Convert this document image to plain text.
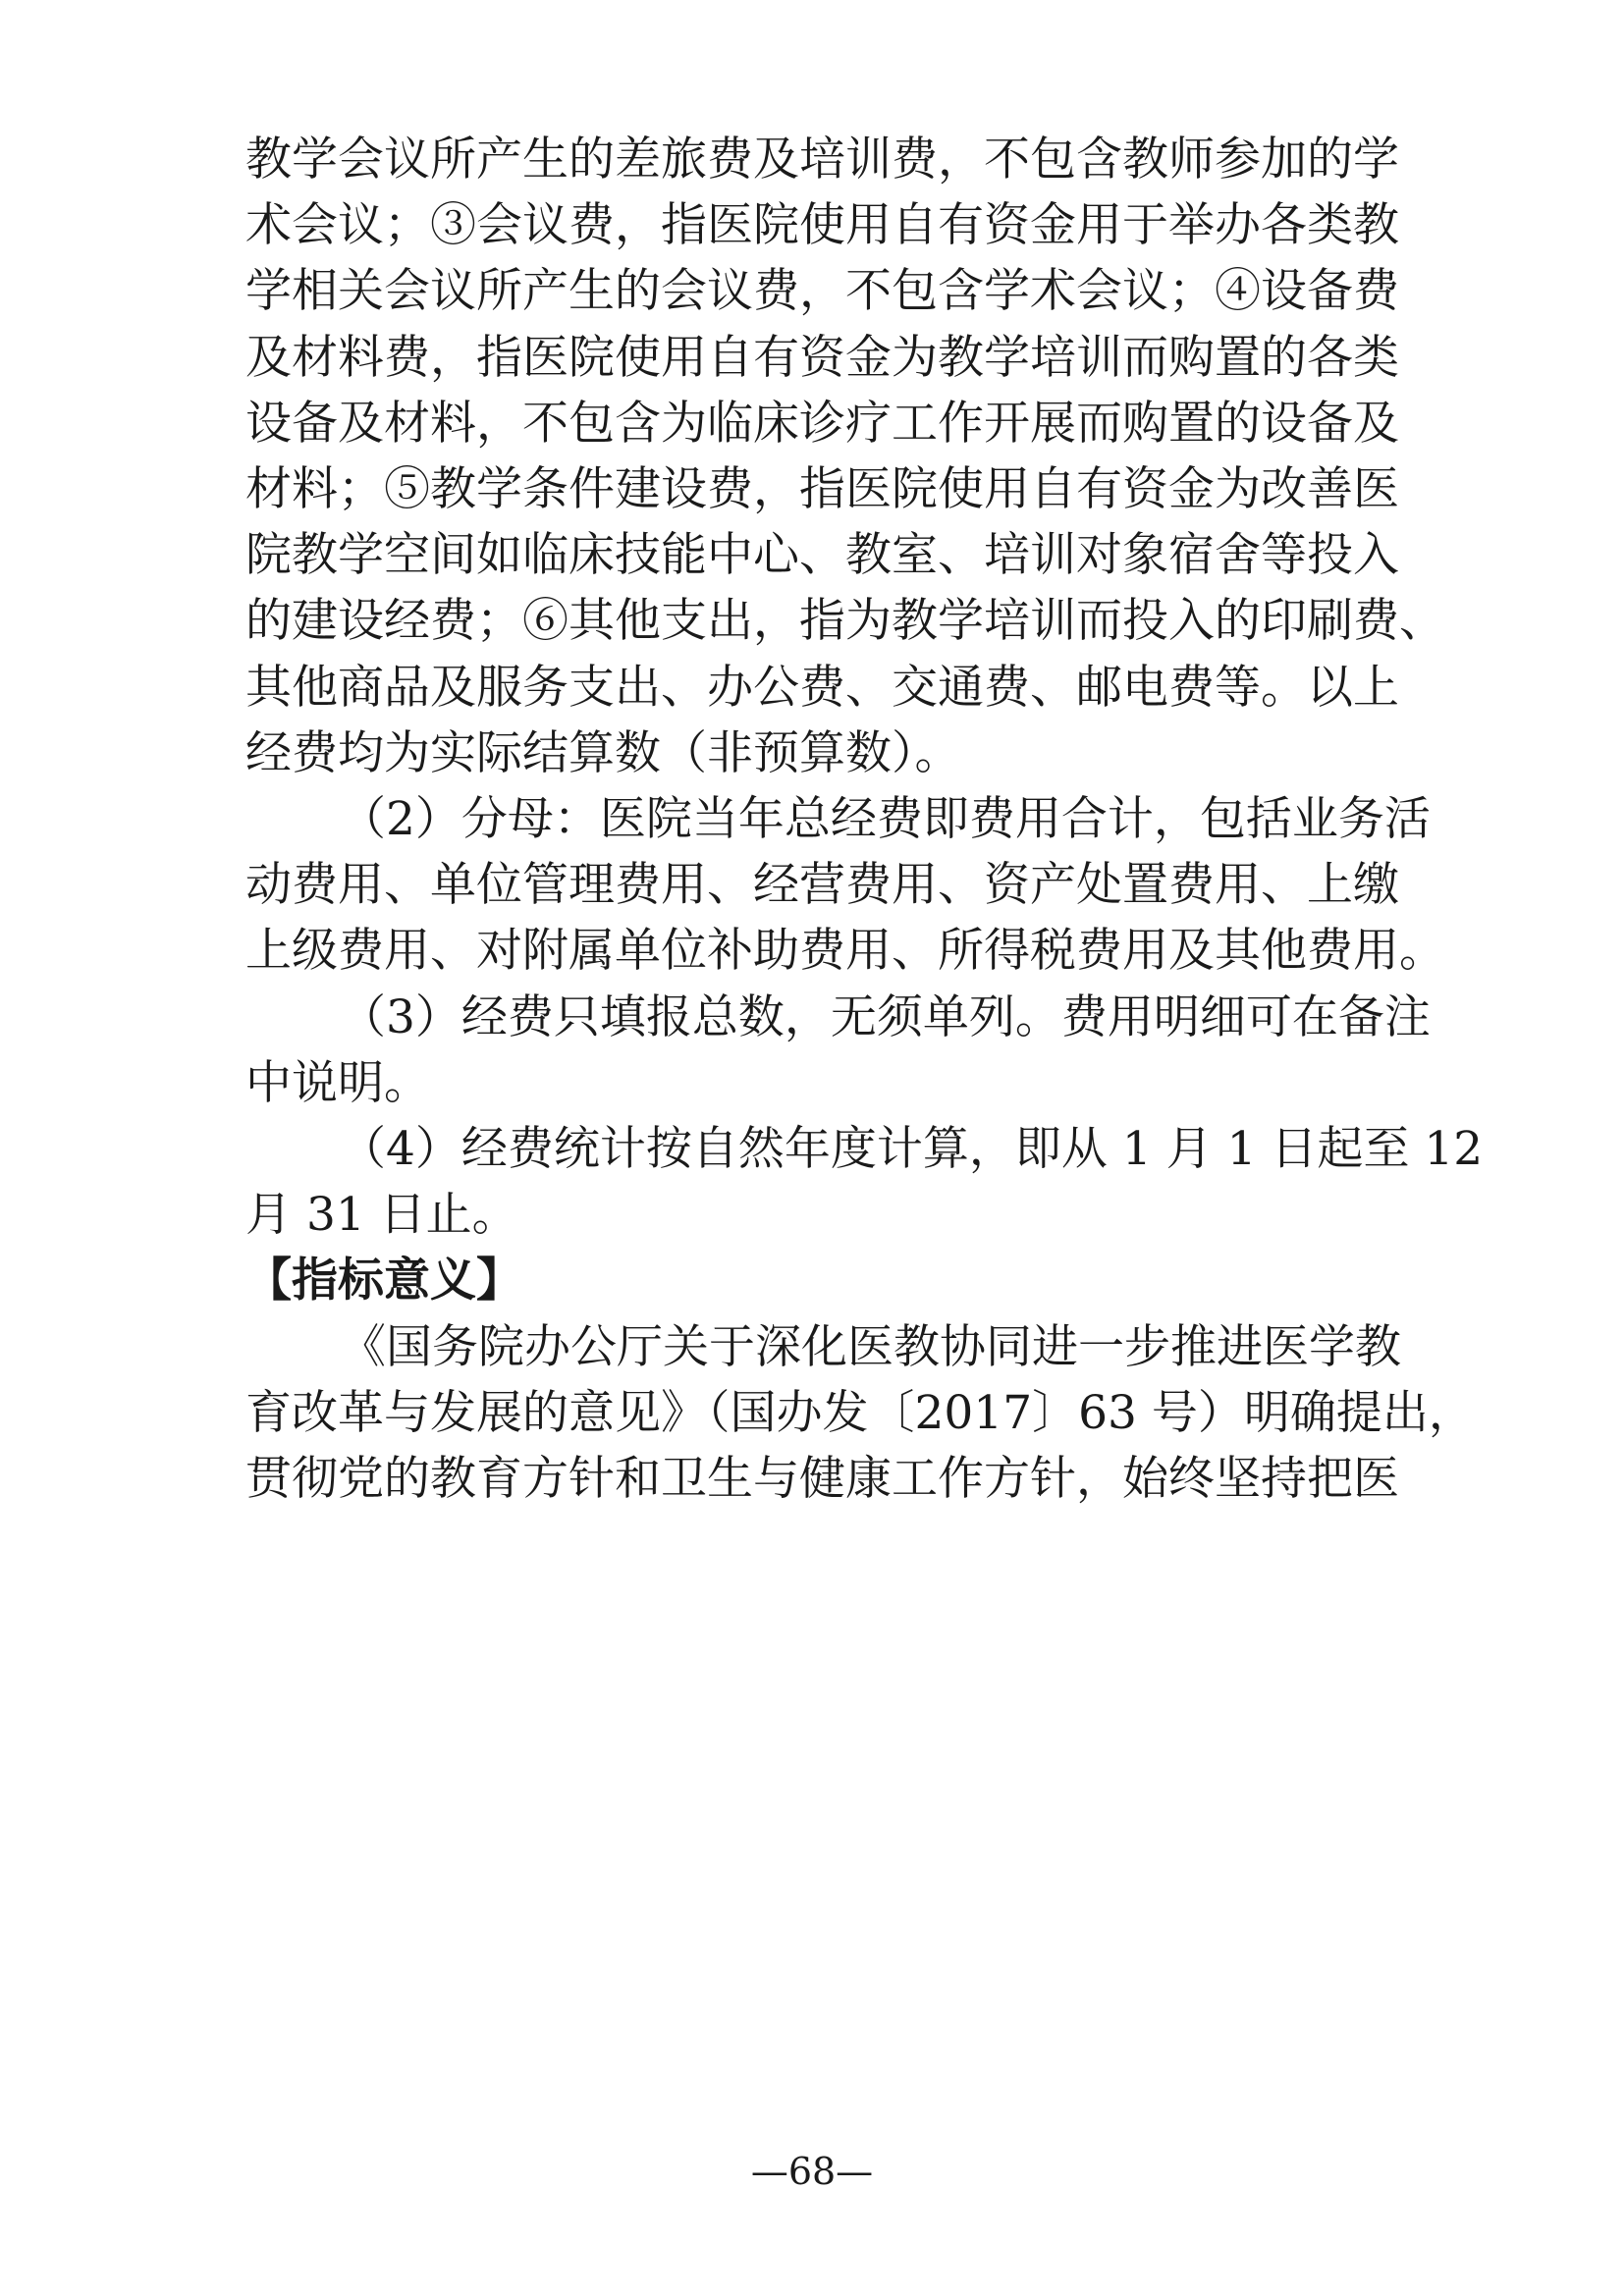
教学会议所产生的差旅费及培训费，不包含教师参加的学
术会议；③会议费，指医院使用自有资金用于举办各类教
学相关会议所产生的会议费，不包含学术会议；④设备费
及材料费，指医院使用自有资金为教学培训而购置的各类
设备及材料，不包含为临床诊疗工作开展而购置的设备及
材料；⑤教学条件建设费，指医院使用自有资金为改善医
院教学空间如临床技能中心、教室、培训对象宿舍等投入
的建设经费；⑥其他支出，指为教学培训而投入的印刷费、
其他商品及服务支出、办公费、交通费、邮电费等。以上
经费均为实际结算数（非预算数）。
（2）分母：医院当年总经费即费用合计，包括业务活
动费用、单位管理费用、经营费用、资产处置费用、上缴
上级费用、对附属单位补助费用、所得税费用及其他费用。
（3）经费只填报总数，无须单列。费用明细可在备注
中说明。
（4）经费统计按自然年度计算，即从 1 月 1 日起至 12
月 31 日止。
【指标意义】
《国务院办公厅关于深化医教协同进一步推进医学教
育改革与发展的意见》（国办发〔2017〕63 号）明确提出，
贯彻党的教育方针和卫生与健康工作方针，始终坚持把医
—68—
